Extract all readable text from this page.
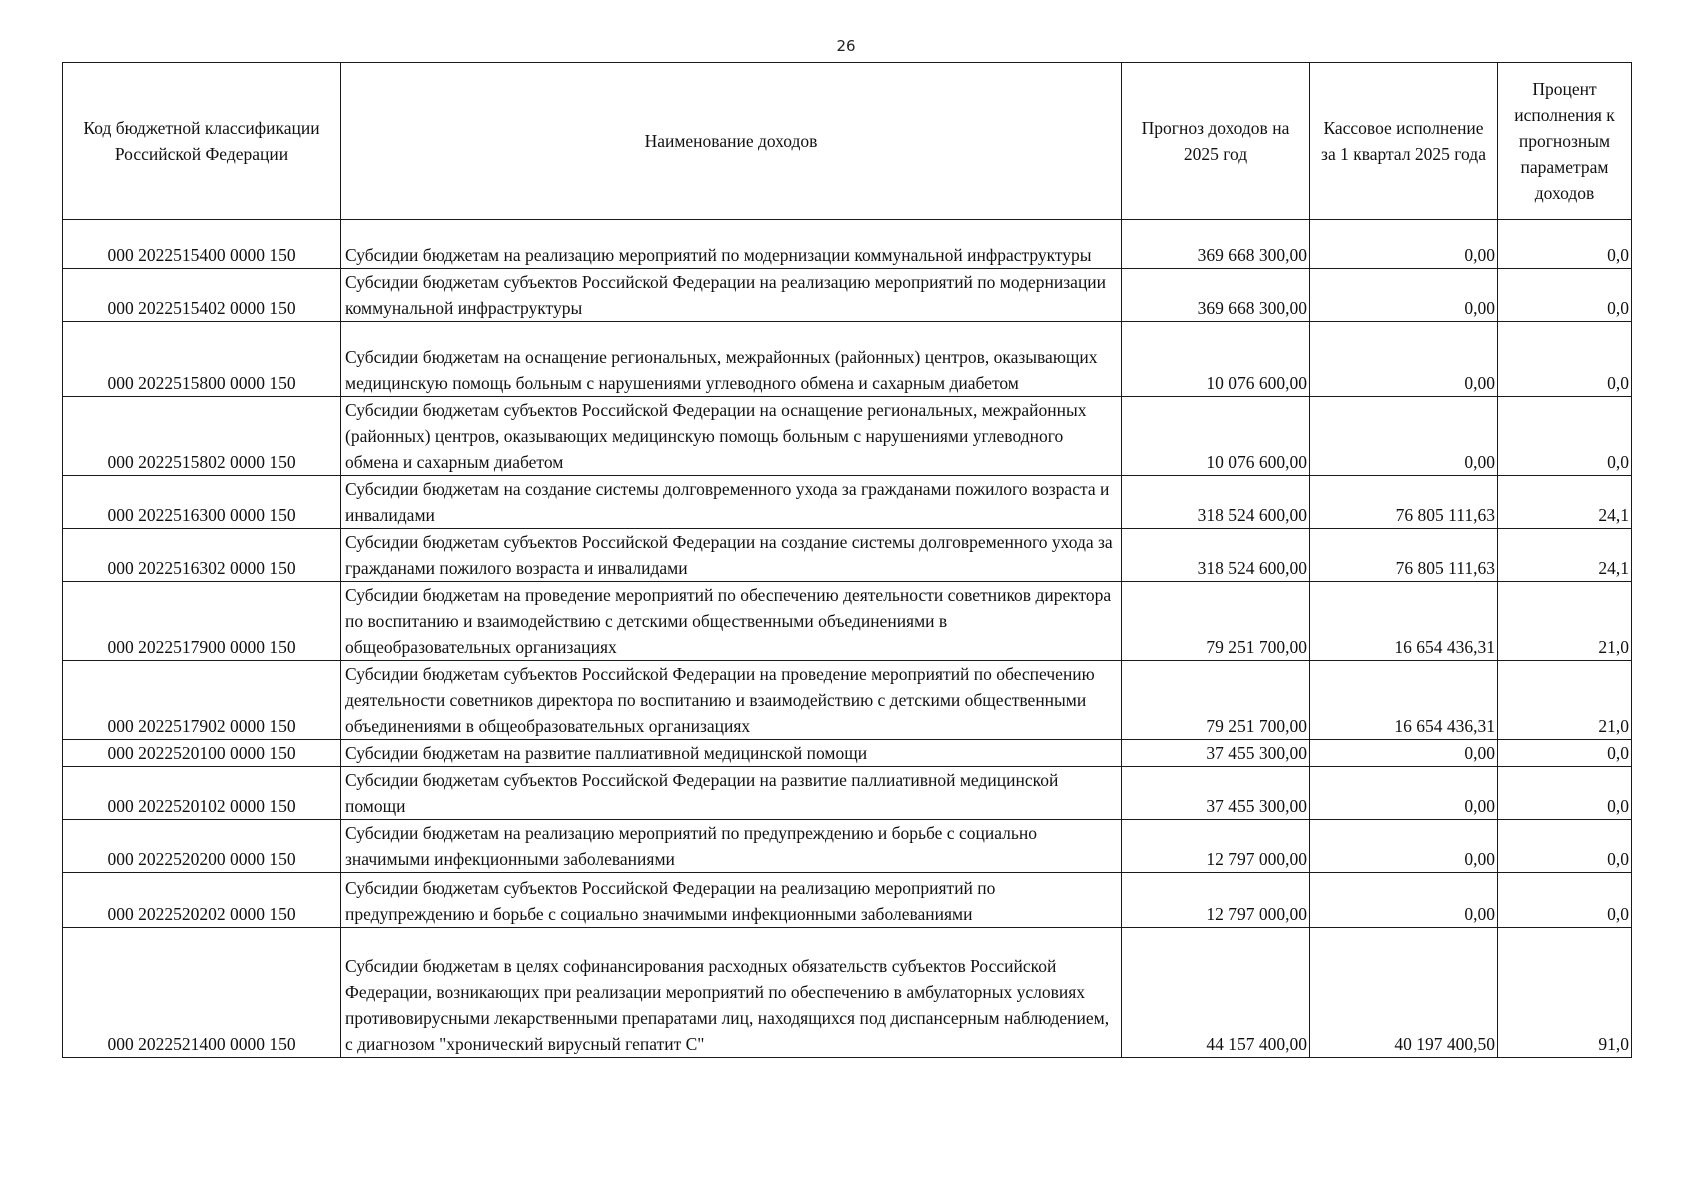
26
Код бюджетной классификации Российской Федерации	Наименование доходов	Прогноз доходов на 2025 год	Кассовое исполнение за 1 квартал 2025 года	Процент исполнения к прогнозным параметрам доходов
000 2022515400 0000 150	Субсидии бюджетам на реализацию мероприятий по модернизации коммунальной инфраструктуры	369 668 300,00	0,00	0,0
000 2022515402 0000 150	Субсидии бюджетам субъектов Российской Федерации на реализацию мероприятий по модернизации коммунальной инфраструктуры	369 668 300,00	0,00	0,0
000 2022515800 0000 150	Субсидии бюджетам на оснащение региональных, межрайонных (районных) центров, оказывающих медицинскую помощь больным с нарушениями углеводного обмена и сахарным диабетом	10 076 600,00	0,00	0,0
000 2022515802 0000 150	Субсидии бюджетам субъектов Российской Федерации на оснащение региональных, межрайонных (районных) центров, оказывающих медицинскую помощь больным с нарушениями углеводного обмена и сахарным диабетом	10 076 600,00	0,00	0,0
000 2022516300 0000 150	Субсидии бюджетам на создание системы долговременного ухода за гражданами пожилого возраста и инвалидами	318 524 600,00	76 805 111,63	24,1
000 2022516302 0000 150	Субсидии бюджетам субъектов Российской Федерации на создание системы долговременного ухода за гражданами пожилого возраста и инвалидами	318 524 600,00	76 805 111,63	24,1
000 2022517900 0000 150	Субсидии бюджетам на проведение мероприятий по обеспечению деятельности советников директора по воспитанию и взаимодействию с детскими общественными объединениями в общеобразовательных организациях	79 251 700,00	16 654 436,31	21,0
000 2022517902 0000 150	Субсидии бюджетам субъектов Российской Федерации на проведение мероприятий по обеспечению деятельности советников директора по воспитанию и взаимодействию с детскими общественными объединениями в общеобразовательных организациях	79 251 700,00	16 654 436,31	21,0
000 2022520100 0000 150	Субсидии бюджетам на развитие паллиативной медицинской помощи	37 455 300,00	0,00	0,0
000 2022520102 0000 150	Субсидии бюджетам субъектов Российской Федерации на развитие паллиативной медицинской помощи	37 455 300,00	0,00	0,0
000 2022520200 0000 150	Субсидии бюджетам на реализацию мероприятий по предупреждению и борьбе с социально значимыми инфекционными заболеваниями	12 797 000,00	0,00	0,0
000 2022520202 0000 150	Субсидии бюджетам субъектов Российской Федерации на реализацию мероприятий по предупреждению и борьбе с социально значимыми инфекционными заболеваниями	12 797 000,00	0,00	0,0
000 2022521400 0000 150	Субсидии бюджетам в целях софинансирования расходных обязательств субъектов Российской Федерации, возникающих при реализации мероприятий по обеспечению в амбулаторных условиях противовирусными лекарственными препаратами лиц, находящихся под диспансерным наблюдением, с диагнозом "хронический вирусный гепатит С"	44 157 400,00	40 197 400,50	91,0
